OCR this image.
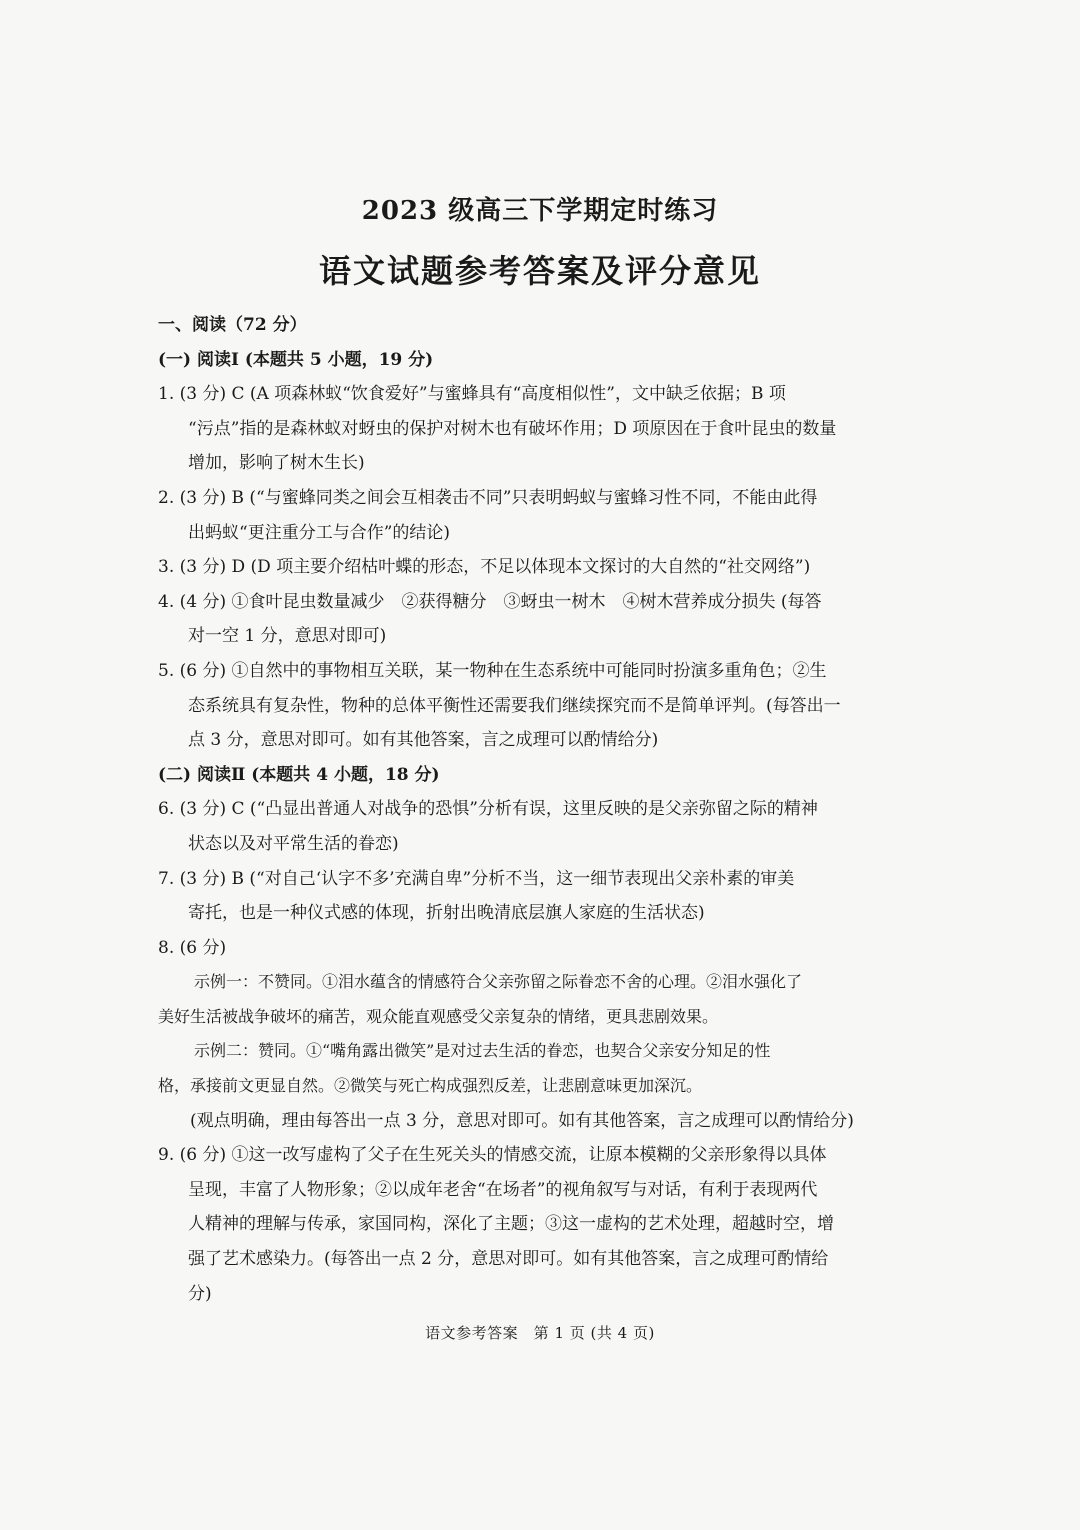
2023 级高三下学期定时练习
语文试题参考答案及评分意见
一、阅读（72 分）
(一) 阅读Ⅰ (本题共 5 小题，19 分)
1. (3 分) C (A 项森林蚁“饮食爱好”与蜜蜂具有“高度相似性”，文中缺乏依据；B 项
“污点”指的是森林蚁对蚜虫的保护对树木也有破坏作用；D 项原因在于食叶昆虫的数量
增加，影响了树木生长)
2. (3 分) B (“与蜜蜂同类之间会互相袭击不同”只表明蚂蚁与蜜蜂习性不同，不能由此得
出蚂蚁“更注重分工与合作”的结论)
3. (3 分) D (D 项主要介绍枯叶蝶的形态，不足以体现本文探讨的大自然的“社交网络”)
4. (4 分) ①食叶昆虫数量减少　②获得糖分　③蚜虫一树木　④树木营养成分损失 (每答
对一空 1 分，意思对即可)
5. (6 分) ①自然中的事物相互关联，某一物种在生态系统中可能同时扮演多重角色；②生
态系统具有复杂性，物种的总体平衡性还需要我们继续探究而不是简单评判。(每答出一
点 3 分，意思对即可。如有其他答案，言之成理可以酌情给分)
(二) 阅读Ⅱ (本题共 4 小题，18 分)
6. (3 分) C (“凸显出普通人对战争的恐惧”分析有误，这里反映的是父亲弥留之际的精神
状态以及对平常生活的眷恋)
7. (3 分) B (“对自己‘认字不多’充满自卑”分析不当，这一细节表现出父亲朴素的审美
寄托，也是一种仪式感的体现，折射出晚清底层旗人家庭的生活状态)
8. (6 分)
示例一：不赞同。①泪水蕴含的情感符合父亲弥留之际眷恋不舍的心理。②泪水强化了
美好生活被战争破坏的痛苦，观众能直观感受父亲复杂的情绪，更具悲剧效果。
示例二：赞同。①“嘴角露出微笑”是对过去生活的眷恋，也契合父亲安分知足的性
格，承接前文更显自然。②微笑与死亡构成强烈反差，让悲剧意味更加深沉。
(观点明确，理由每答出一点 3 分，意思对即可。如有其他答案，言之成理可以酌情给分)
9. (6 分) ①这一改写虚构了父子在生死关头的情感交流，让原本模糊的父亲形象得以具体
呈现，丰富了人物形象；②以成年老舍“在场者”的视角叙写与对话，有利于表现两代
人精神的理解与传承，家国同构，深化了主题；③这一虚构的艺术处理，超越时空，增
强了艺术感染力。(每答出一点 2 分，意思对即可。如有其他答案，言之成理可酌情给
分)
语文参考答案　第 1 页 (共 4 页)
